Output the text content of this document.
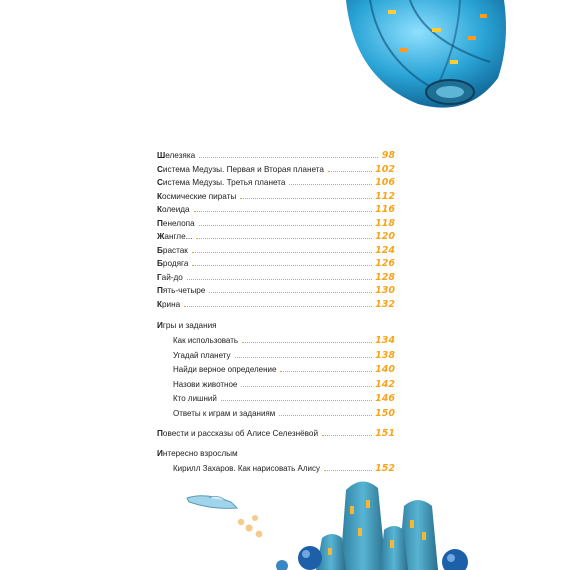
Шелезяка	98
Система Медузы. Первая и Вторая планета	102
Система Медузы. Третья планета	106
Космические пираты	112
Колеида	116
Пенелопа	118
Жангле...	120
Брастак	124
Бродяга	126
Гай-до	128
Пять-четыре	130
Крина	132
Игры и задания
Как использовать	134
Угадай планету	138
Найди верное определение	140
Назови животное	142
Кто лишний	146
Ответы к играм и заданиям	150
Повести и рассказы об Алисе Селезнёвой	151
Интересно взрослым
Кирилл Захаров. Как нарисовать Алису	152
